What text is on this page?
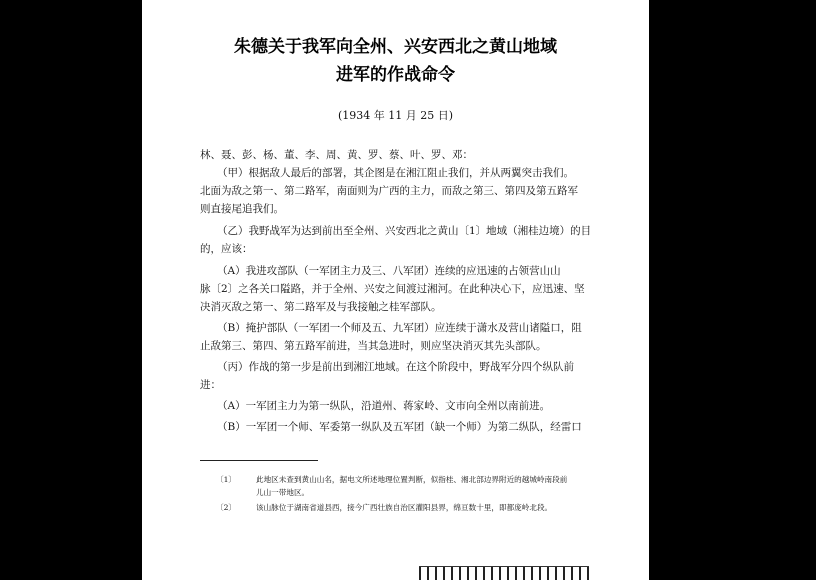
朱德关于我军向全州、兴安西北之黄山地域
进军的作战命令
(1934 年 11 月 25 日)
林、聂、彭、杨、董、李、周、黄、罗、蔡、叶、罗、邓：
（甲）根据敌人最后的部署，其企图是在湘江阻止我们，并从两翼突击我们。
北面为敌之第一、第二路军，南面则为广西的主力，而敌之第三、第四及第五路军
则直接尾追我们。
（乙）我野战军为达到前出至全州、兴安西北之黄山〔1〕地域（湘桂边境）的目
的，应该：
（A）我进攻部队（一军团主力及三、八军团）连续的应迅速的占领营山山
脉〔2〕之各关口隘路，并于全州、兴安之间渡过湘河。在此种决心下，应迅速、坚
决消灭敌之第一、第二路军及与我接触之桂军部队。
（B）掩护部队（一军团一个师及五、九军团）应连续于潇水及营山诸隘口，阻
止敌第三、第四、第五路军前进，当其急进时，则应坚决消灭其先头部队。
（丙）作战的第一步是前出到湘江地域。在这个阶段中，野战军分四个纵队前
进：
（A）一军团主力为第一纵队，沿道州、蒋家岭、文市向全州以南前进。
（B）一军团一个师、军委第一纵队及五军团（缺一个师）为第二纵队，经雷口
〔1〕	此地区未查到黄山山名，据电文所述地理位置判断，似指桂、湘北部边界附近的越城岭南段前
儿山一带地区。
〔2〕	该山脉位于湖南省道县西，接今广西壮族自治区灌阳县界，绵亘数十里，即都庞岭北段。
